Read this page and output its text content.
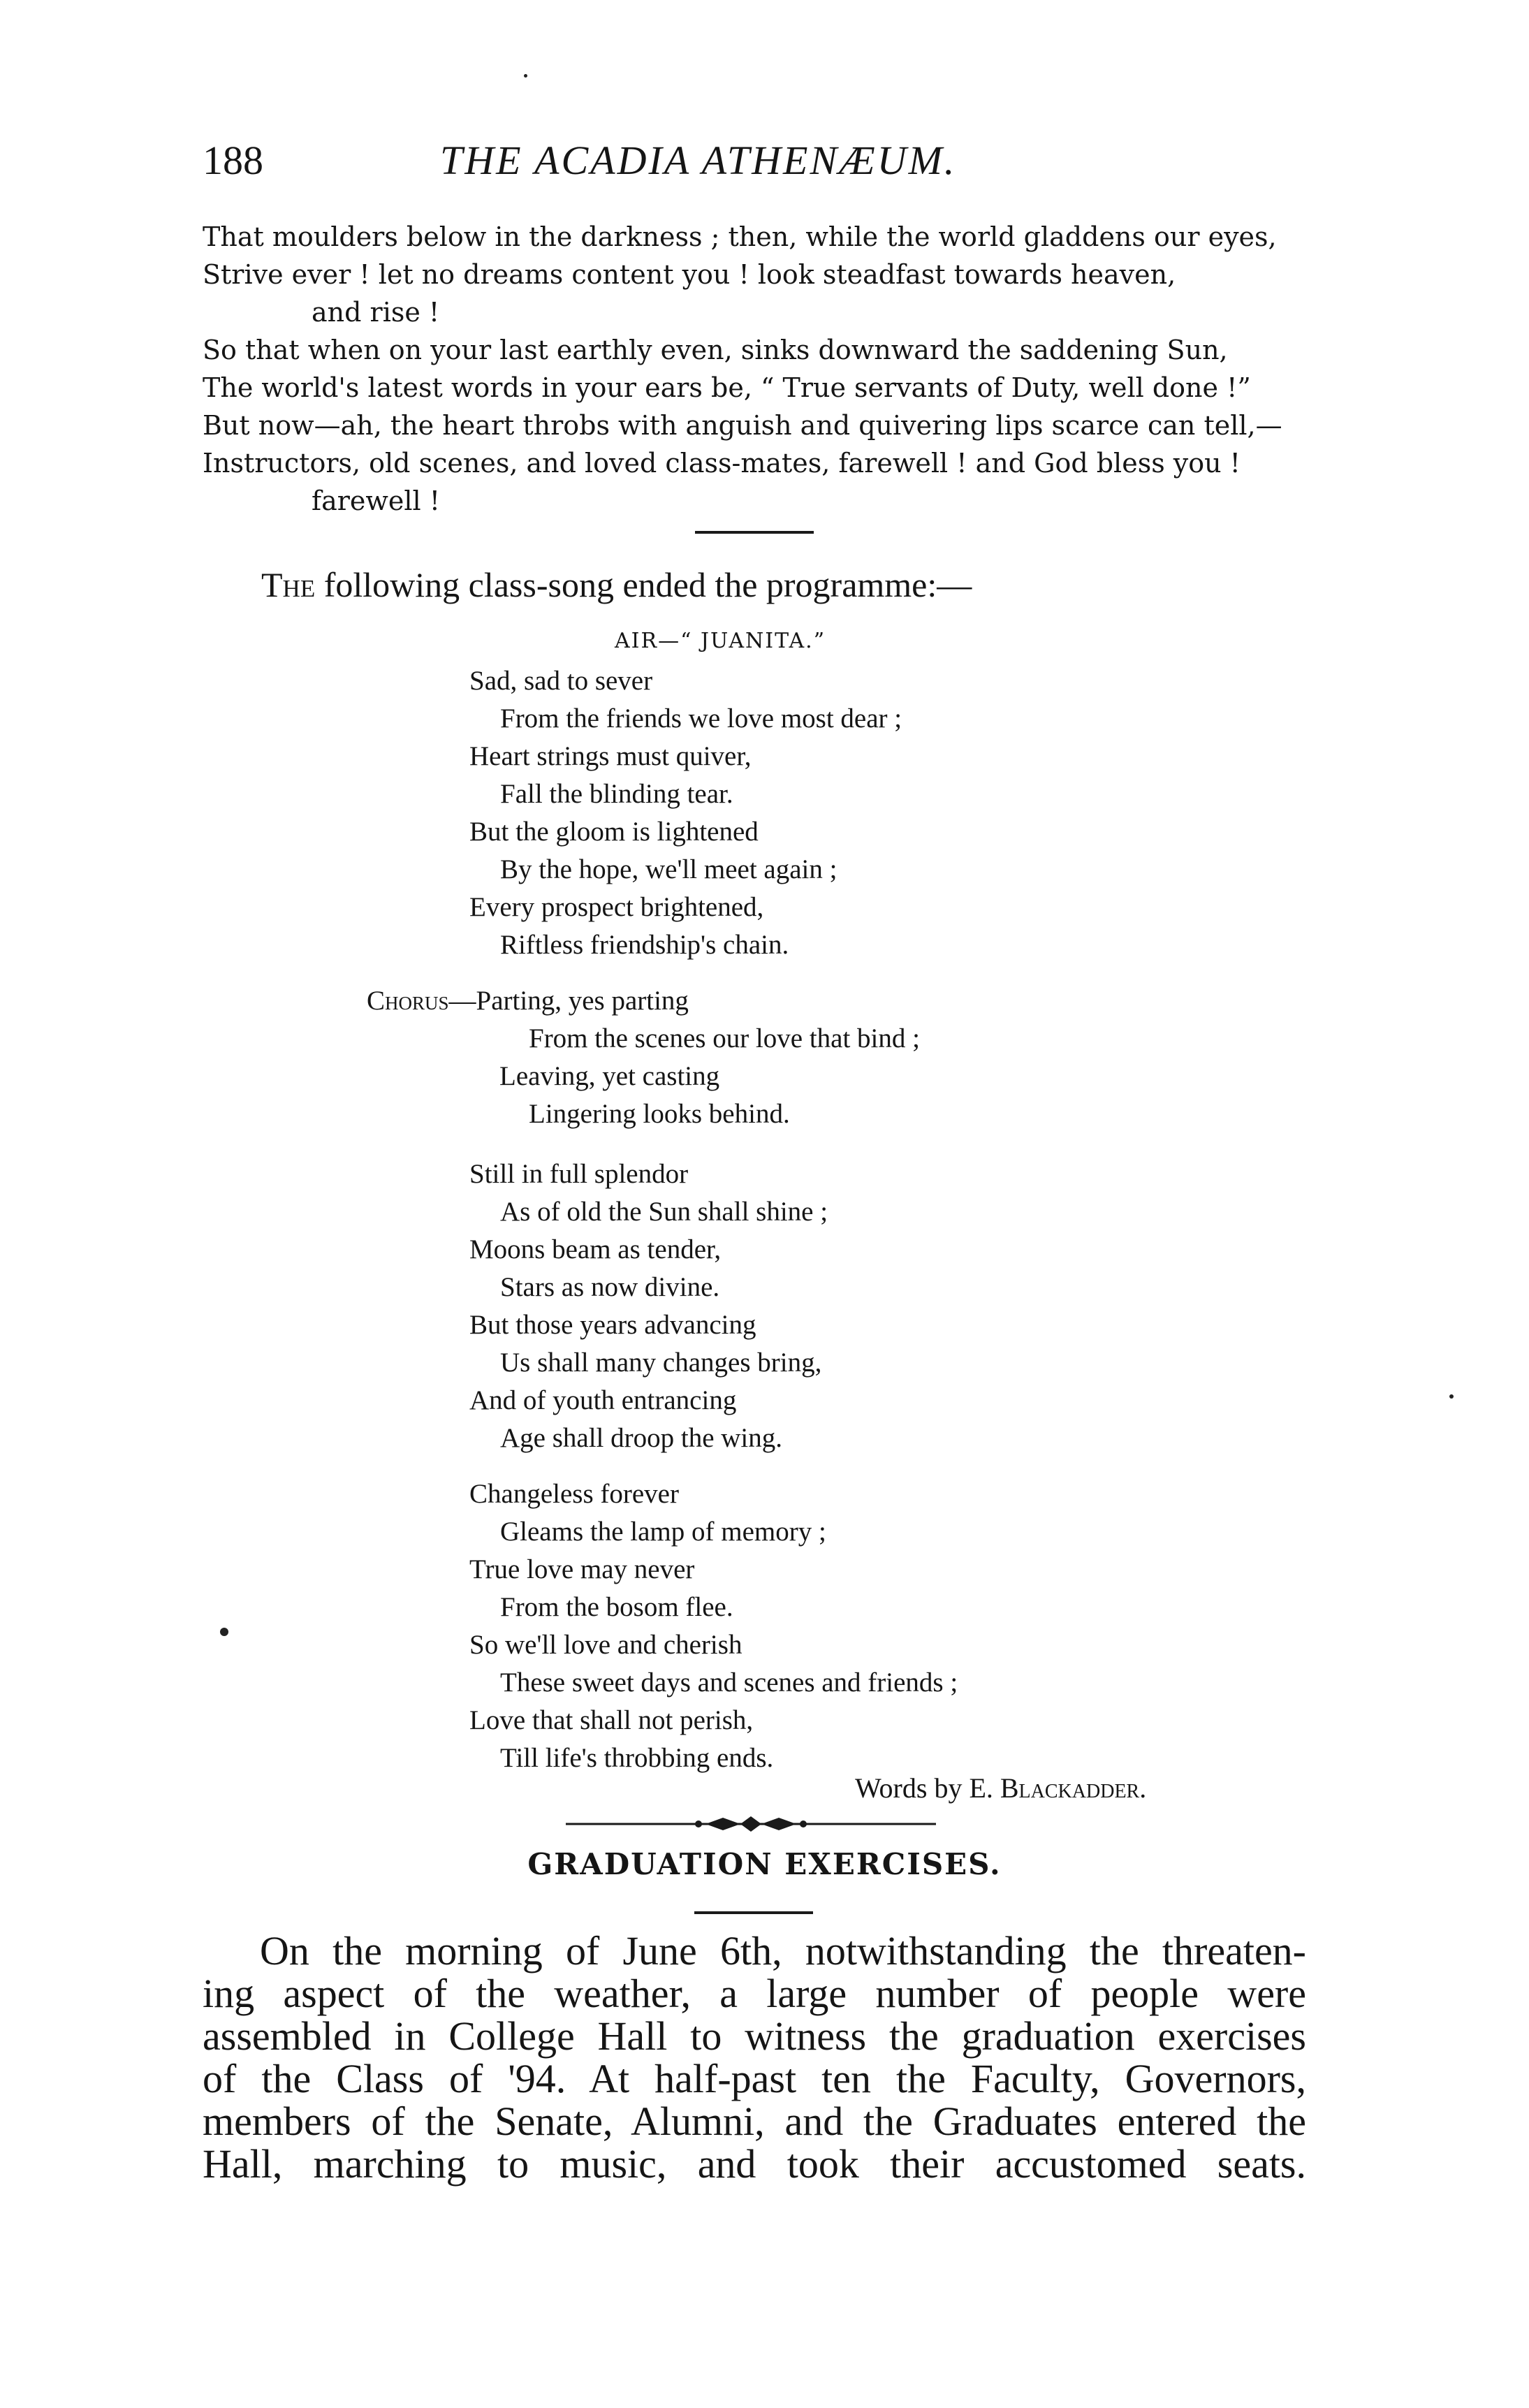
188	THE ACADIA ATHENÆUM.
That moulders below in the darkness ; then, while the world gladdens our eyes,
Strive ever ! let no dreams content you ! look steadfast towards heaven,
and rise !
So that when on your last earthly even, sinks downward the saddening Sun,
The world's latest words in your ears be, “ True servants of Duty, well done !”
But now—ah, the heart throbs with anguish and quivering lips scarce can tell,—
Instructors, old scenes, and loved class-mates, farewell ! and God bless you !
farewell !
The following class-song ended the programme:—
AIR—“ JUANITA.”
Sad, sad to sever
From the friends we love most dear ;
Heart strings must quiver,
Fall the blinding tear.
But the gloom is lightened
By the hope, we'll meet again ;
Every prospect brightened,
Riftless friendship's chain.
Chorus—Parting, yes parting
From the scenes our love that bind ;
Leaving, yet casting
Lingering looks behind.
Still in full splendor
As of old the Sun shall shine ;
Moons beam as tender,
Stars as now divine.
But those years advancing
Us shall many changes bring,
And of youth entrancing
Age shall droop the wing.
Changeless forever
Gleams the lamp of memory ;
True love may never
From the bosom flee.
So we'll love and cherish
These sweet days and scenes and friends ;
Love that shall not perish,
Till life's throbbing ends.
Words by E. Blackadder.
GRADUATION EXERCISES.
On the morning of June 6th, notwithstanding the threaten-
ing aspect of the weather, a large number of people were
assembled in College Hall to witness the graduation exercises
of the Class of '94. At half-past ten the Faculty, Governors,
members of the Senate, Alumni, and the Graduates entered the
Hall, marching to music, and took their accustomed seats.
